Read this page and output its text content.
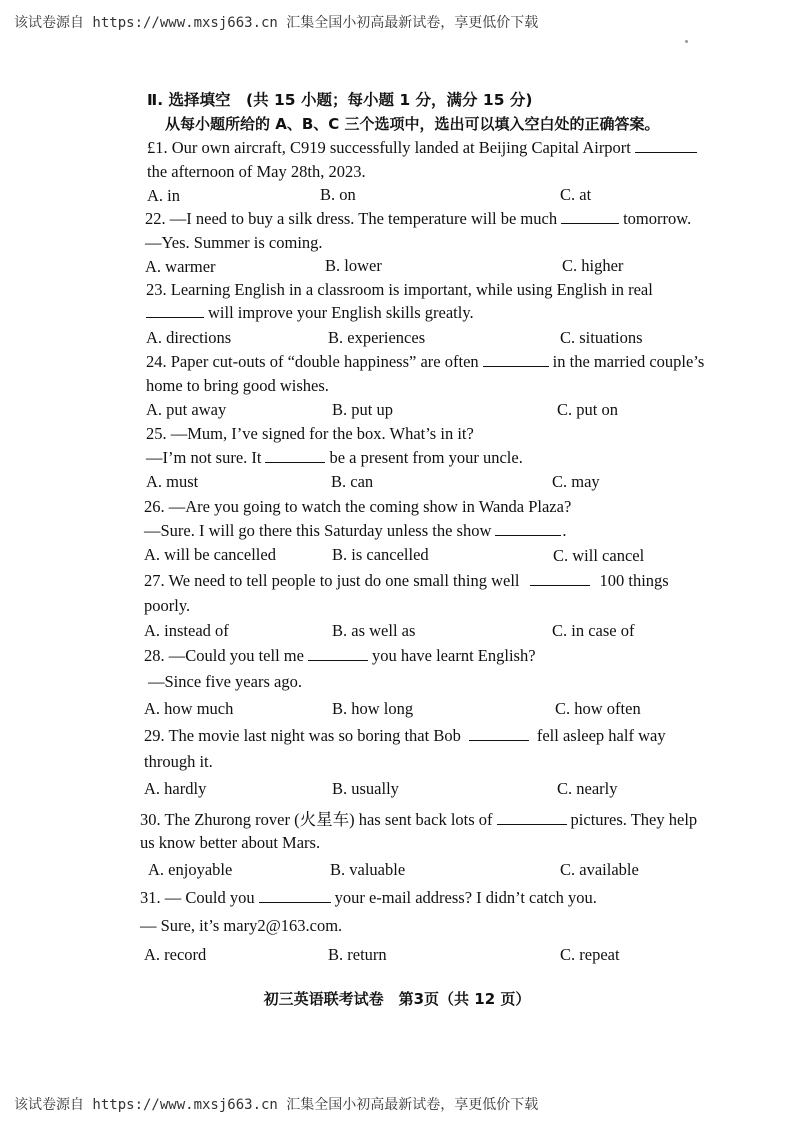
该试卷源自 https://www.mxsj663.cn 汇集全国小初高最新试卷，享更低价下载
Ⅱ. 选择填空　(共 15 小题；每小题 1 分，满分 15 分)
从每小题所给的 A、B、C 三个选项中，选出可以填入空白处的正确答案。
£1. Our own aircraft, C919 successfully landed at Beijing Capital Airport
the afternoon of May 28th, 2023.
A. in	B. on	C. at
22. —I need to buy a silk dress. The temperature will be much	tomorrow.
—Yes. Summer is coming.
A. warmer	B. lower	C. higher
23. Learning English in a classroom is important, while using English in real
will improve your English skills greatly.
A. directions	B. experiences	C. situations
24. Paper cut-outs of “double happiness” are often	in the married couple’s
home to bring good wishes.
A. put away	B. put up	C. put on
25. —Mum, I’ve signed for the box. What’s in it?
—I’m not sure. It	be a present from your uncle.
A. must	B. can	C. may
26. —Are you going to watch the coming show in Wanda Plaza?
—Sure. I will go there this Saturday unless the show	.
A. will be cancelled	B. is cancelled	C. will cancel
27. We need to tell people to just do one small thing well	100 things
poorly.
A. instead of	B. as well as	C. in case of
28. —Could you tell me	you have learnt English?
—Since five years ago.
A. how much	B. how long	C. how often
29. The movie last night was so boring that Bob	fell asleep half way
through it.
A. hardly	B. usually	C. nearly
30. The Zhurong rover (火星车) has sent back lots of	pictures. They help
us know better about Mars.
A. enjoyable	B. valuable	C. available
31. — Could you	your e-mail address? I didn’t catch you.
— Sure, it’s mary2@163.com.
A. record	B. return	C. repeat
初三英语联考试卷　第3页（共 12 页）
该试卷源自 https://www.mxsj663.cn 汇集全国小初高最新试卷，享更低价下载
